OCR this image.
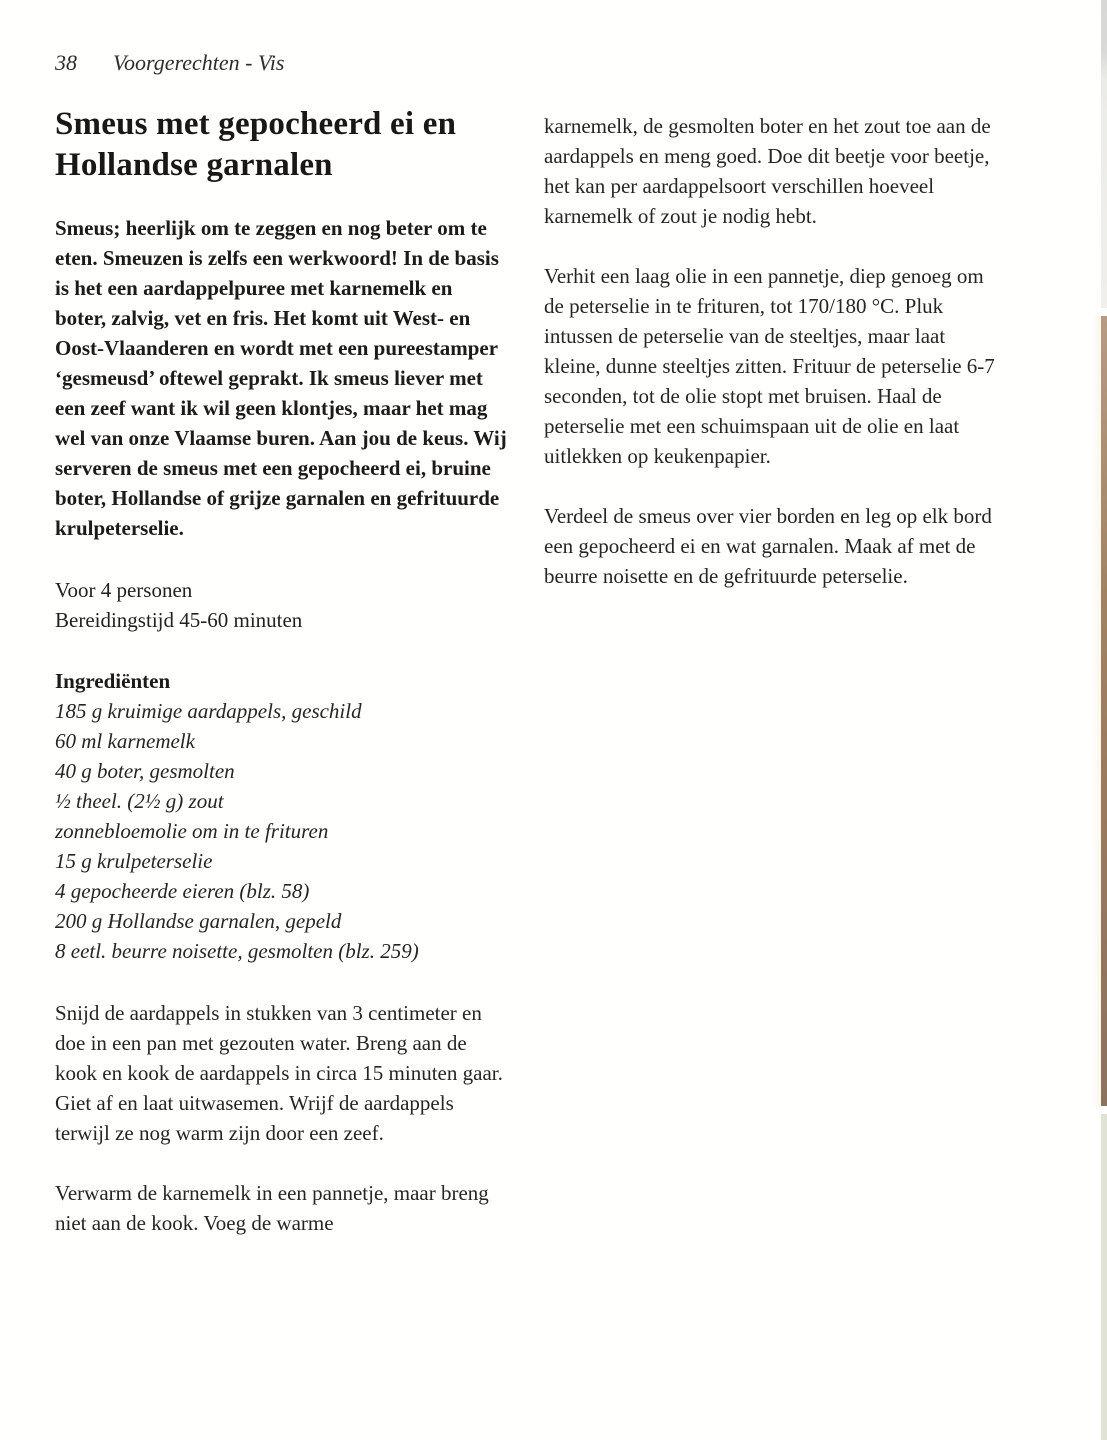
38	Voorgerechten - Vis
Smeus met gepocheerd ei en Hollandse garnalen

Smeus; heerlijk om te zeggen en nog beter om te eten. Smeuzen is zelfs een werkwoord! In de basis is het een aardappelpuree met karnemelk en boter, zalvig, vet en fris. Het komt uit West- en Oost-Vlaanderen en wordt met een pureestamper ‘gesmeusd’ oftewel geprakt. Ik smeus liever met een zeef want ik wil geen klontjes, maar het mag wel van onze Vlaamse buren. Aan jou de keus. Wij serveren de smeus met een gepocheerd ei, bruine boter, Hollandse of grijze garnalen en gefrituurde krulpeterselie.

Voor 4 personen
Bereidingstijd 45-60 minuten
Ingrediënten
185 g kruimige aardappels, geschild
60 ml karnemelk
40 g boter, gesmolten
½ theel. (2½ g) zout
zonnebloemolie om in te frituren
15 g krulpeterselie
4 gepocheerde eieren (blz. 58)
200 g Hollandse garnalen, gepeld
8 eetl. beurre noisette, gesmolten (blz. 259)

Snijd de aardappels in stukken van 3 centimeter en doe in een pan met gezouten water. Breng aan de kook en kook de aardappels in circa 15 minuten gaar. Giet af en laat uitwasemen. Wrijf de aardappels terwijl ze nog warm zijn door een zeef.

Verwarm de karnemelk in een pannetje, maar breng niet aan de kook. Voeg de warme

karnemelk, de gesmolten boter en het zout toe aan de aardappels en meng goed. Doe dit beetje voor beetje, het kan per aardappelsoort verschillen hoeveel karnemelk of zout je nodig hebt.

Verhit een laag olie in een pannetje, diep genoeg om de peterselie in te frituren, tot 170/180 °C. Pluk intussen de peterselie van de steeltjes, maar laat kleine, dunne steeltjes zitten. Frituur de peterselie 6-7 seconden, tot de olie stopt met bruisen. Haal de peterselie met een schuimspaan uit de olie en laat uitlekken op keukenpapier.

Verdeel de smeus over vier borden en leg op elk bord een gepocheerd ei en wat garnalen. Maak af met de beurre noisette en de gefrituurde peterselie.
